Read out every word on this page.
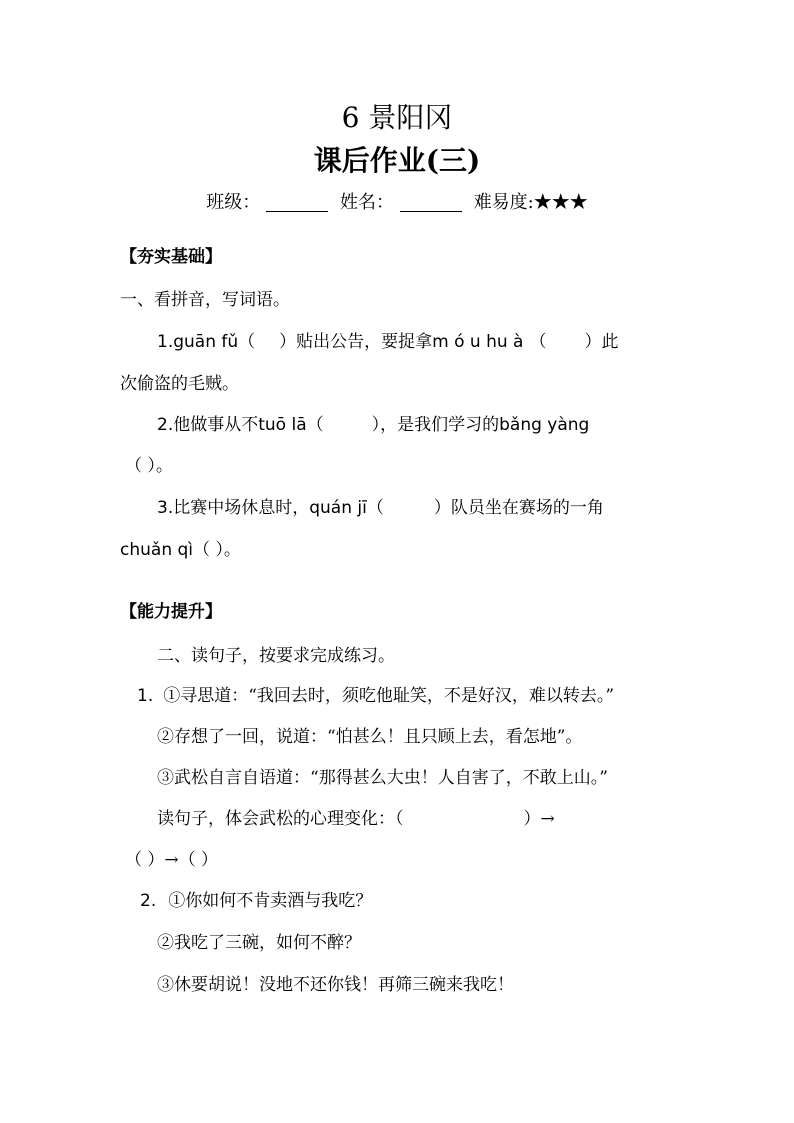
6 景阳冈
课后作业(三)
班级：	姓名：	难易度:★★★
【夯实基础】
一、看拼音，写词语。
1.guān fǔ（ ）贴出公告，要捉拿m ó u hu à （ ）此
次偷盗的毛贼。
2.他做事从不tuō lā（	），是我们学习的bǎng yàng
（ ）。
3.比赛中场休息时，quán jī（	）队员坐在赛场的一角
chuǎn qì（ ）。
【能力提升】
二、读句子，按要求完成练习。
1. ①寻思道：“我回去时，须吃他耻笑，不是好汉，难以转去。”
②存想了一回，说道：“怕甚么！且只顾上去，看怎地”。
③武松自言自语道：“那得甚么大虫！人自害了，不敢上山。”
读句子，体会武松的心理变化：（	）→
（ ）→（ ）
2. ①你如何不肯卖酒与我吃？
②我吃了三碗，如何不醉？
③休要胡说！没地不还你钱！再筛三碗来我吃！
